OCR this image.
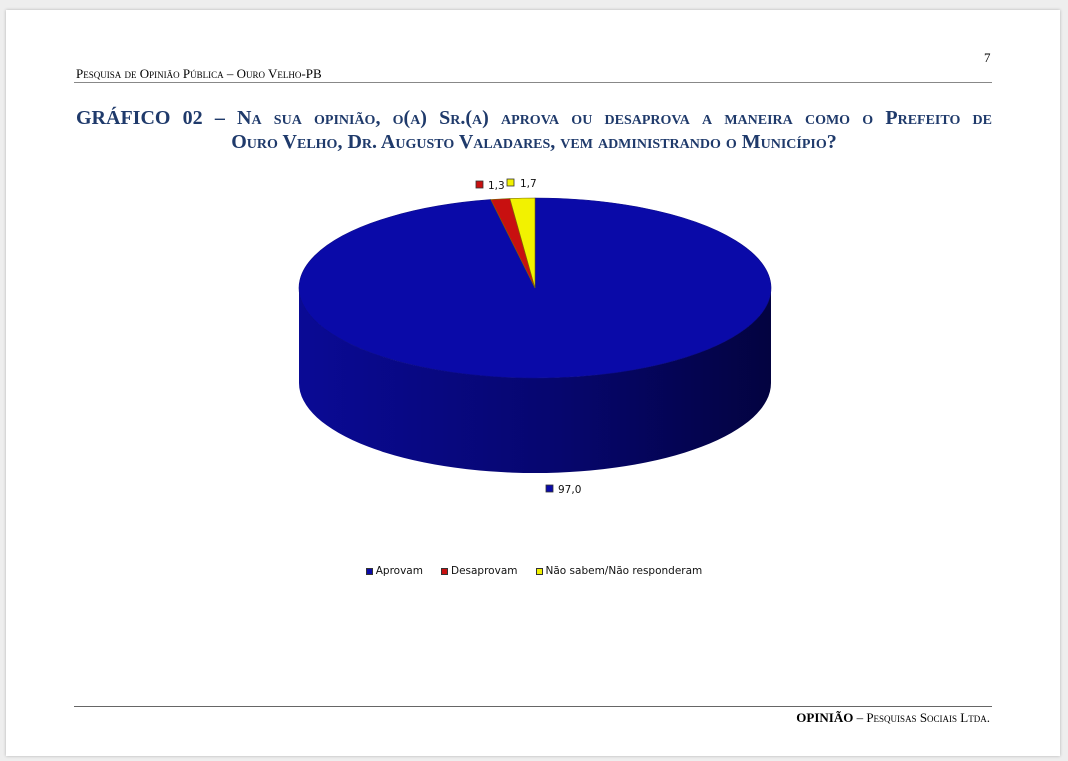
7
Pesquisa de Opinião Pública – Ouro Velho-PB
GRÁFICO 02 – Na sua opinião, o(a) Sr.(a) aprova ou desaprova a maneira como o Prefeito de
Ouro Velho, Dr. Augusto Valadares, vem administrando o Município?
97,0
1,3 1,7
Aprovam	Desaprovam	Não sabem/Não responderam
OPINIÃO – Pesquisas Sociais Ltda.
